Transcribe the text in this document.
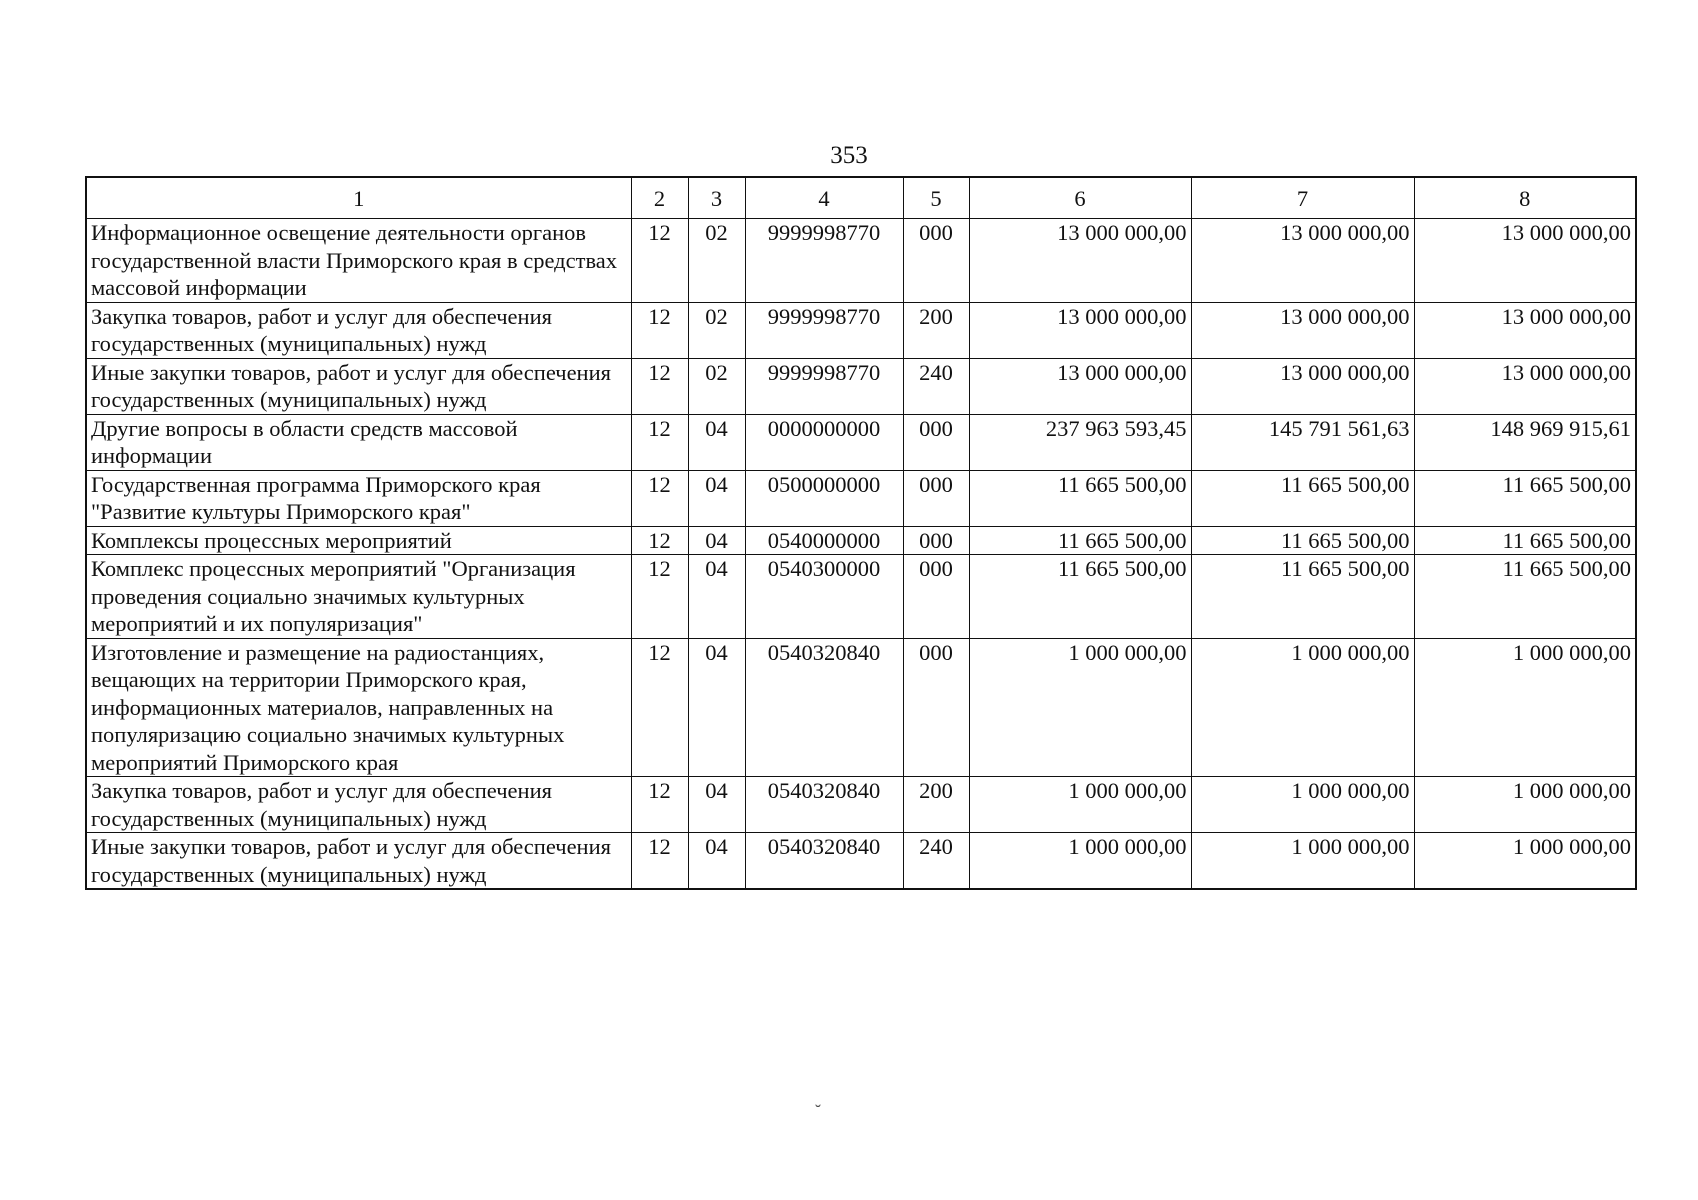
353
1	2	3	4	5	6	7	8
Информационное освещение деятельности органов государственной власти Приморского края в средствах массовой информации	12	02	9999998770	000	13 000 000,00	13 000 000,00	13 000 000,00
Закупка товаров, работ и услуг для обеспечения государственных (муниципальных) нужд	12	02	9999998770	200	13 000 000,00	13 000 000,00	13 000 000,00
Иные закупки товаров, работ и услуг для обеспечения государственных (муниципальных) нужд	12	02	9999998770	240	13 000 000,00	13 000 000,00	13 000 000,00
Другие вопросы в области средств массовой информации	12	04	0000000000	000	237 963 593,45	145 791 561,63	148 969 915,61
Государственная программа Приморского края "Развитие культуры Приморского края"	12	04	0500000000	000	11 665 500,00	11 665 500,00	11 665 500,00
Комплексы процессных мероприятий	12	04	0540000000	000	11 665 500,00	11 665 500,00	11 665 500,00
Комплекс процессных мероприятий "Организация проведения социально значимых культурных мероприятий и их популяризация"	12	04	0540300000	000	11 665 500,00	11 665 500,00	11 665 500,00
Изготовление и размещение на радиостанциях, вещающих на территории Приморского края, информационных материалов, направленных на популяризацию социально значимых культурных мероприятий Приморского края	12	04	0540320840	000	1 000 000,00	1 000 000,00	1 000 000,00
Закупка товаров, работ и услуг для обеспечения государственных (муниципальных) нужд	12	04	0540320840	200	1 000 000,00	1 000 000,00	1 000 000,00
Иные закупки товаров, работ и услуг для обеспечения государственных (муниципальных) нужд	12	04	0540320840	240	1 000 000,00	1 000 000,00	1 000 000,00
˘
